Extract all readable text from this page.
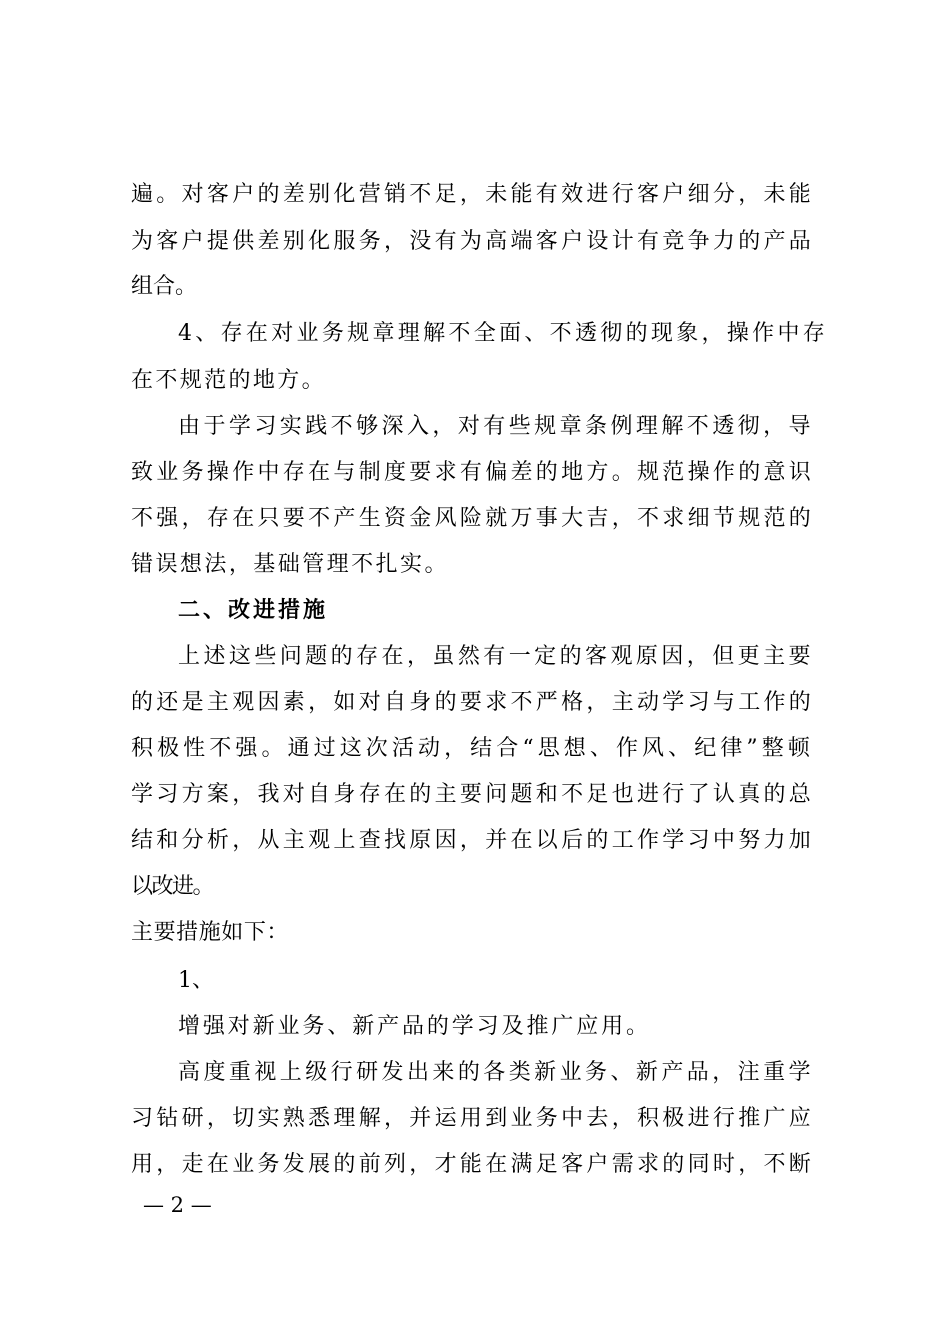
遍。对客户的差别化营销不足，未能有效进行客户细分，未能
为客户提供差别化服务，没有为高端客户设计有竞争力的产品
组合。
4、存在对业务规章理解不全面、不透彻的现象，操作中存
在不规范的地方。
由于学习实践不够深入，对有些规章条例理解不透彻，导
致业务操作中存在与制度要求有偏差的地方。规范操作的意识
不强，存在只要不产生资金风险就万事大吉，不求细节规范的
错误想法，基础管理不扎实。
二、改进措施
上述这些问题的存在，虽然有一定的客观原因，但更主要
的还是主观因素，如对自身的要求不严格，主动学习与工作的
积极性不强。通过这次活动，结合“思想、作风、纪律”整顿
学习方案，我对自身存在的主要问题和不足也进行了认真的总
结和分析，从主观上查找原因，并在以后的工作学习中努力加
以改进。
主要措施如下：
1、
增强对新业务、新产品的学习及推广应用。
高度重视上级行研发出来的各类新业务、新产品，注重学
习钻研，切实熟悉理解，并运用到业务中去，积极进行推广应
用，走在业务发展的前列，才能在满足客户需求的同时，不断
— 2 —
